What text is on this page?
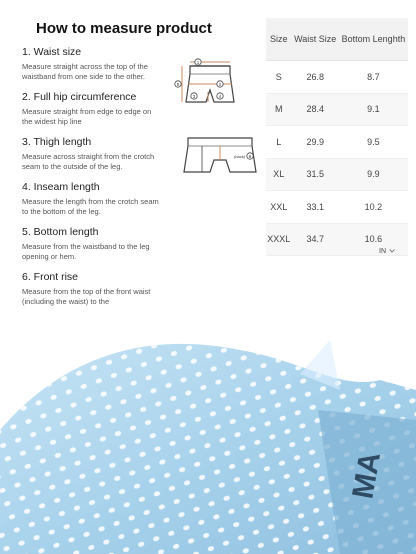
How to measure product
1. Waist size
Measure straight across the top of the waistband from one side to the other.
2. Full hip circumference
Measure straight from edge to edge on the widest hip line
3. Thigh length
Measure across straight from the crotch seam to the outside of the leg.
4. Inseam length
Measure the length from the crotch seam to the bottom of the leg.
5. Bottom length
Measure from the waistband to the leg opening or hem.
6. Front rise
Measure from the top of the front waist (including the waist) to the
1
2
3	4
5
(back) 6
Size	Waist Size	Bottom Lenghth
S	26.8	8.7
M	28.4	9.1
L	29.9	9.5
XL	31.5	9.9
XXL	33.1	10.2
XXXL	34.7	10.6
IN
MA
